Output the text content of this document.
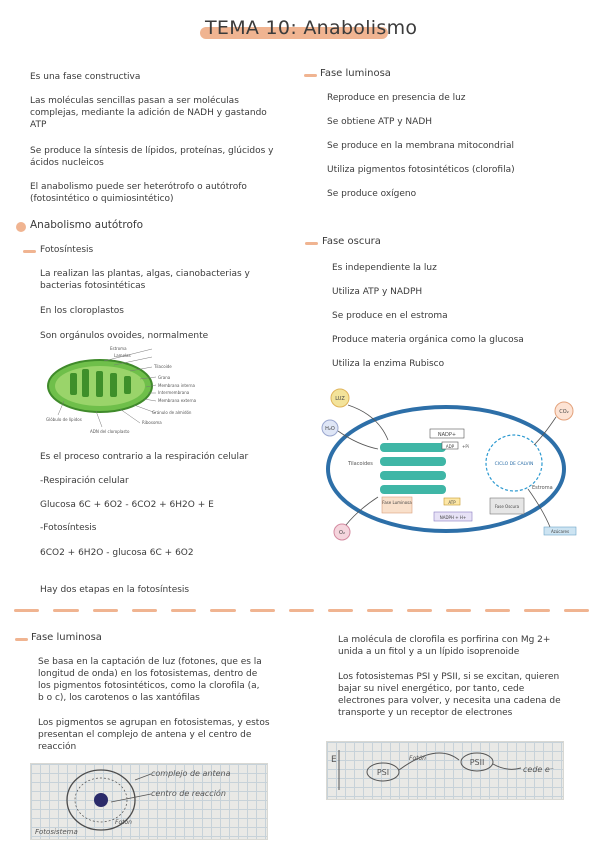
TEMA 10: Anabolismo
Es una fase constructiva
Las moléculas sencillas pasan a ser moléculas complejas, mediante la adición de NADH y gastando ATP
Se produce la síntesis de lípidos, proteínas, glúcidos y ácidos nucleicos
El anabolismo puede ser heterótrofo o autótrofo (fotosintético o quimiosintético)
Anabolismo autótrofo
Fotosíntesis
La realizan las plantas, algas, cianobacterias y bacterias fotosintéticas
En los cloroplastos
Son orgánulos ovoides, normalmente
Estroma
Lamelas
Tilacoide
Grana
Membrana interna
Intermembrana
Membrana externa
Gránulo de almidón
Ribosoma
Glóbulo de lípidos
ADN del cloroplasto
Es el proceso contrario a la respiración celular
-Respiración celular
Glucosa 6C + 6O2 - 6CO2 + 6H2O + E
-Fotosíntesis
6CO2 + 6H2O - glucosa 6C + 6O2
Hay dos etapas en la fotosíntesis
Fase luminosa
Reproduce en presencia de luz
Se obtiene ATP y NADH
Se produce en la membrana mitocondrial
Utiliza pigmentos fotosintéticos (clorofila)
Se produce oxígeno
Fase oscura
Es independiente la luz
Utiliza ATP y NADPH
Se produce en el estroma
Produce materia orgánica como la glucosa
Utiliza la enzima Rubisco
LUZ
H₂O
O₂
CO₂
Tilacoides
NADP+
ADP +Pi
Fase Luminosa	ATP
NADPH + H+
Fase Oscura
CICLO DE CALVIN
Estroma
Azúcares
Fase luminosa
Se basa en la captación de luz (fotones, que es la longitud de onda) en los fotosistemas, dentro de los pigmentos fotosintéticos, como la clorofila (a, b o c), los carotenos o las xantófilas
Los pigmentos se agrupan en fotosistemas, y estos presentan el complejo de antena y el centro de reacción
complejo de antena
centro de reacción
Fotosistema
Fotón
La molécula de clorofila es porfirina con Mg 2+ unida a un fitol y a un lípido isoprenoide
Los fotosistemas PSI y PSII, si se excitan, quieren bajar su nivel energético, por tanto, cede electrones para volver, y necesita una cadena de transporte y un receptor de electrones
E
PSI
Fotón	PSII
cede e⁻
